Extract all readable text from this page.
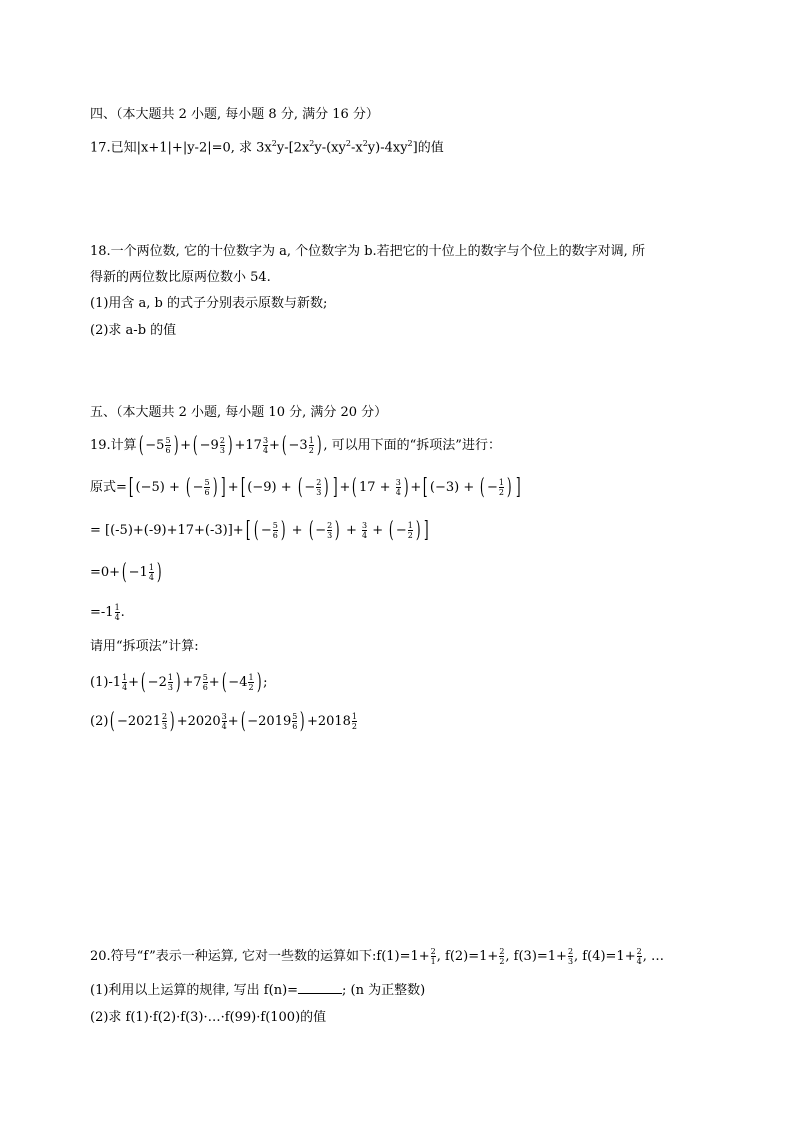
四、（本大题共 2 小题, 每小题 8 分, 满分 16 分）
17.已知|x+1|+|y-2|=0, 求 $3x^2y-[2x^2y-(xy^2-x^2y)-4xy^2]$的值
18.一个两位数, 它的十位数字为 a, 个位数字为 b.若把它的十位上的数字与个位上的数字对调, 所
得新的两位数比原两位数小 54.
(1)用含 a, b 的式子分别表示原数与新数;
(2)求 a-b 的值
五、（本大题共 2 小题, 每小题 10 分, 满分 20 分）
19.计算( $-5 \frac{5}{6}$ ) +( $-9 \frac{2}{3}$ ) $+17 \frac{3}{4}$ +( $-3 \frac{1}{2}$ ) , 可以用下面的“拆项法”进行：
原式=[ (−5) + ( − $\frac{5}{6}$ ) ] +[ (−9) + ( − $\frac{2}{3}$ ) ] +( $17 + \frac{3}{4}$ ) +[ (−3) + ( − $\frac{1}{2}$ ) ]
= [(-5)+(-9)+17+(-3)]+[ ( − $\frac{5}{6}$ ) + ( − $\frac{2}{3}$ ) + $\frac{3}{4}$ + ( − $\frac{1}{2}$ ) ]
$=0+( -1 \frac{1}{4}$ )
$=-1 \frac{1}{4}$ .
请用“拆项法”计算:
$(1)-1 \frac{1}{4}$ +( $-2 \frac{1}{3}$ ) $+7 \frac{5}{6}$ +( $-4 \frac{1}{2}$ ) ;
$(2)( -2021 \frac{2}{3}$ ) $+2020 \frac{3}{4}$ +( $-2019 \frac{5}{6}$ ) $+2018 \frac{1}{2}$
20.符号“f”表示一种运算, 它对一些数的运算如下:f(1)=1+ $\frac{2}{1}$ , $f(2)=1+ \frac{2}{2}$ , $f(3)=1+ \frac{2}{3}$ , $f(4)=1+ \frac{2}{4}$ , …
(1)利用以上运算的规律, 写出 f(n)=	; (n 为正整数)
(2)求 f(1)·f(2)·f(3)·…·f(99)·f(100)的值
